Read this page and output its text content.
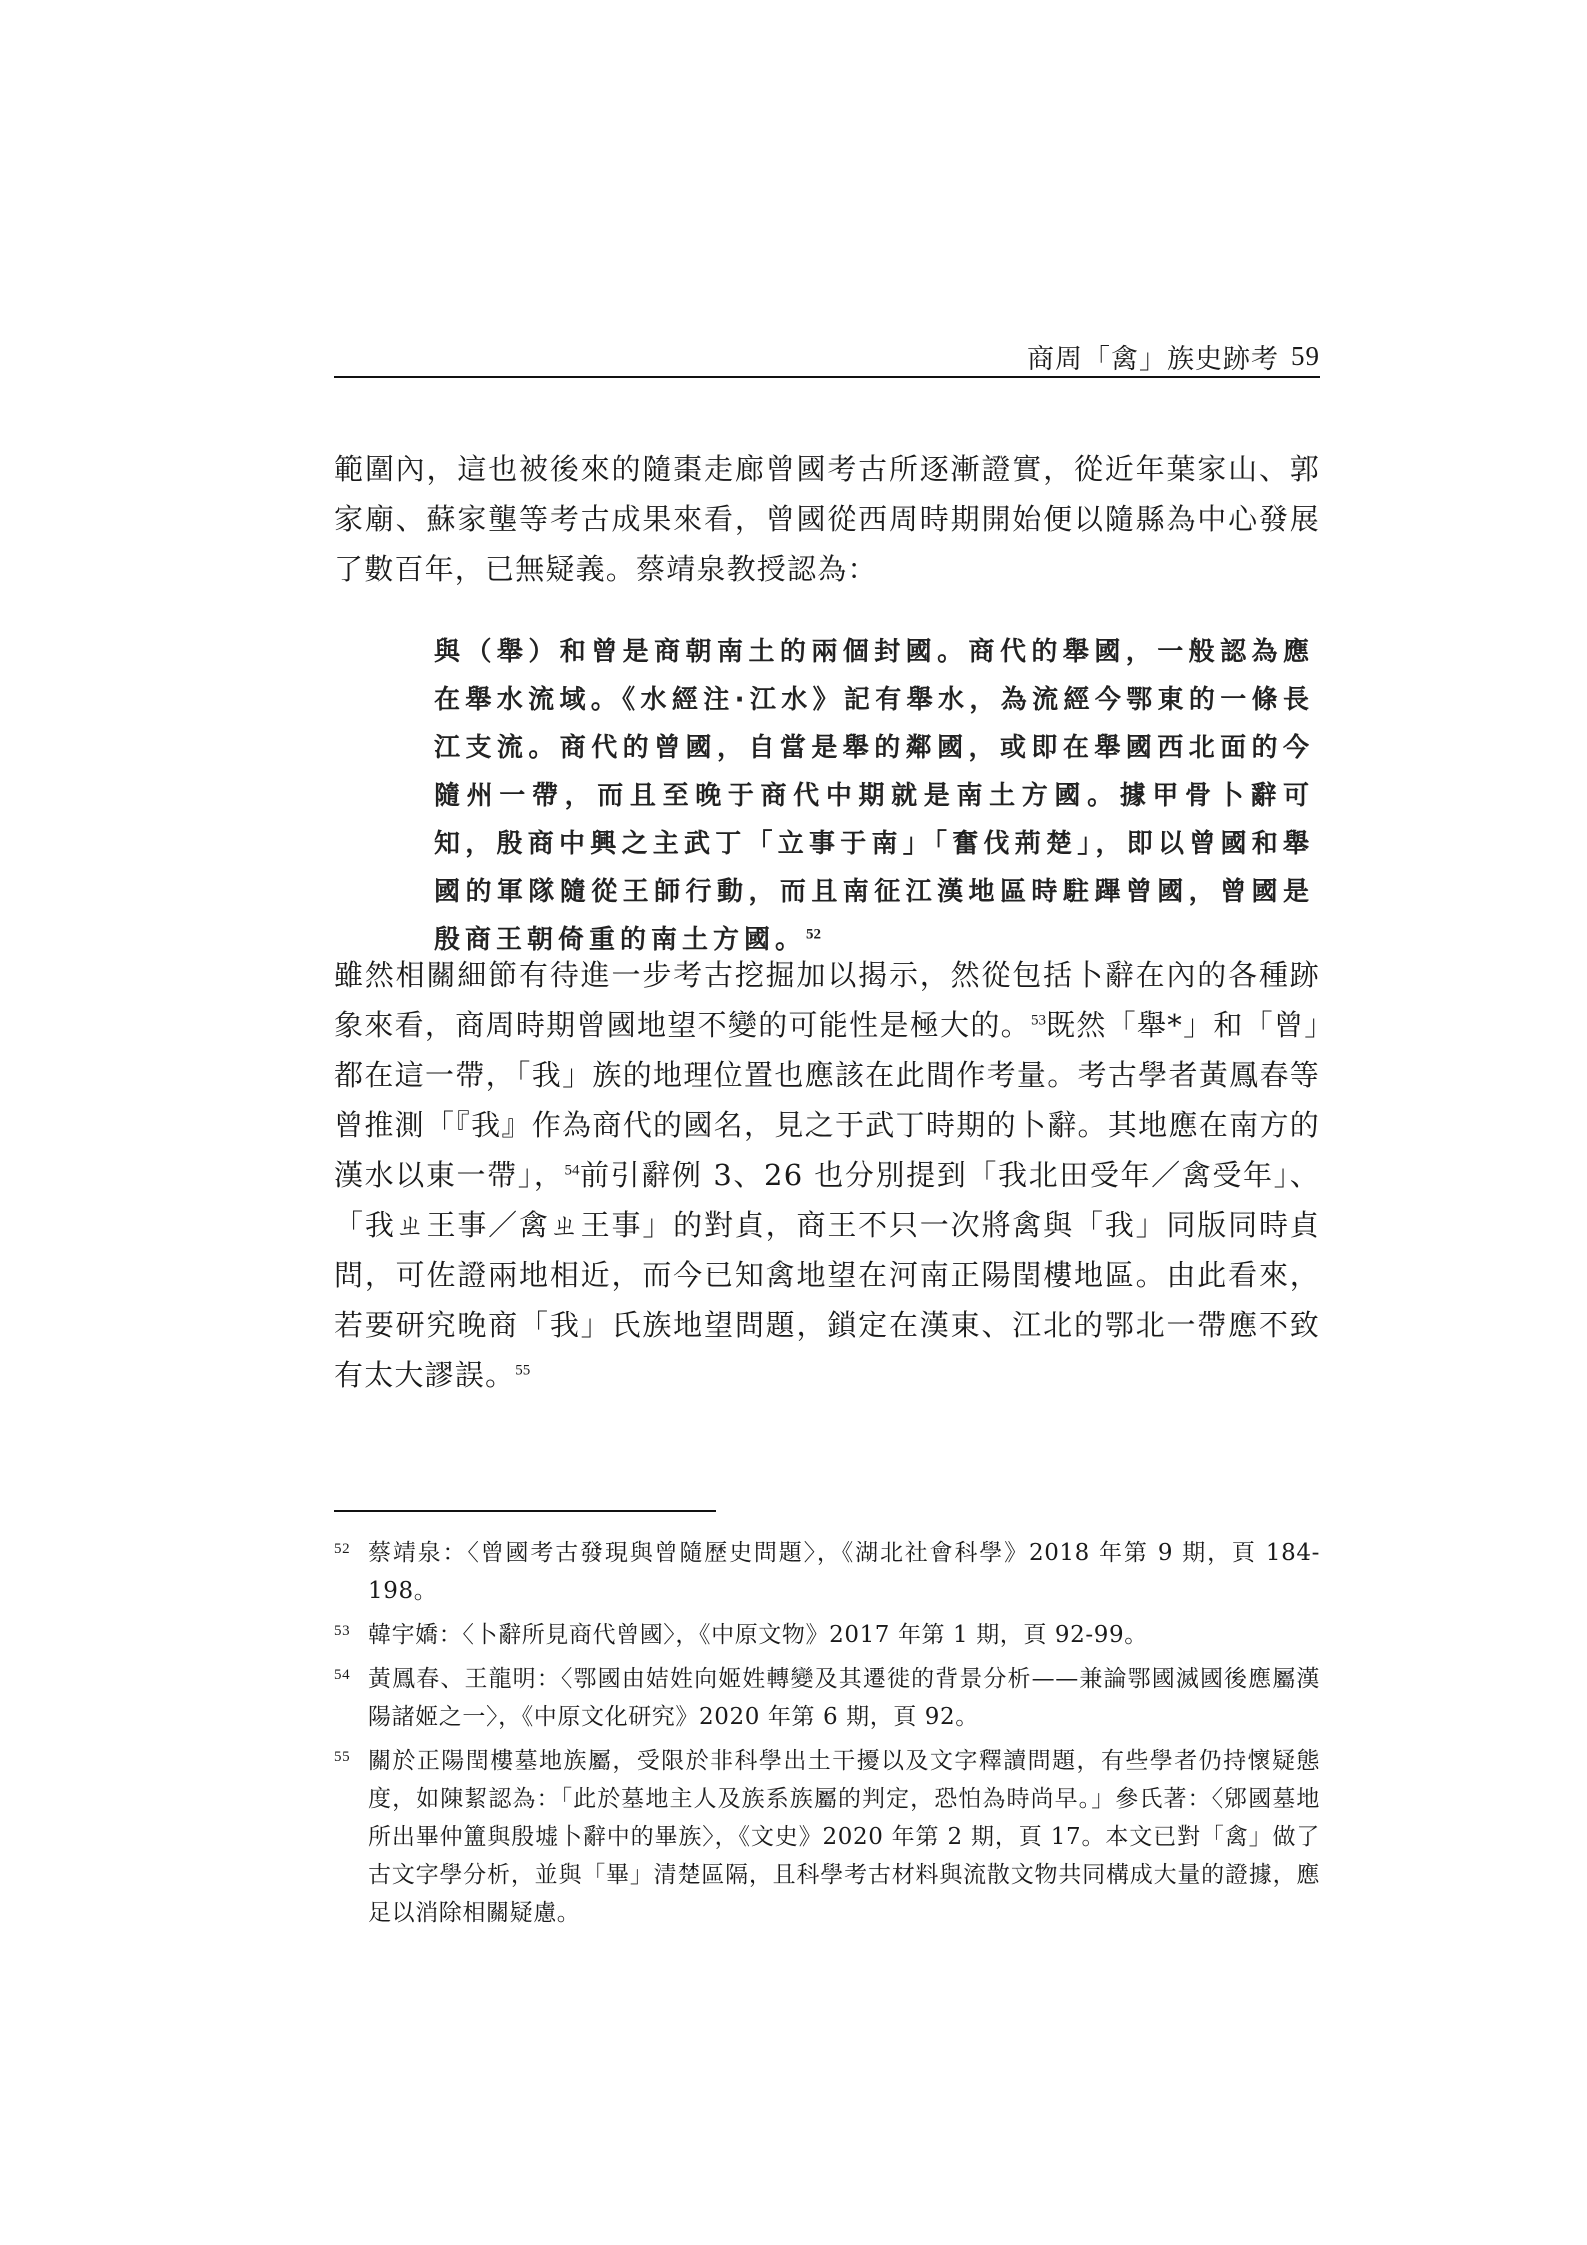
商周「禽」族史跡考 59

範圍內，這也被後來的隨棗走廊曾國考古所逐漸證實，從近年葉家山、郭家廟、蘇家壟等考古成果來看，曾國從西周時期開始便以隨縣為中心發展了數百年，已無疑義。蔡靖泉教授認為：

與（舉）和曾是商朝南土的兩個封國。商代的舉國，一般認為應在舉水流域。《水經注·江水》記有舉水，為流經今鄂東的一條長江支流。商代的曾國，自當是舉的鄰國，或即在舉國西北面的今隨州一帶，而且至晚于商代中期就是南土方國。據甲骨卜辭可知，殷商中興之主武丁「立事于南」「奮伐荊楚」，即以曾國和舉國的軍隊隨從王師行動，而且南征江漢地區時駐蹕曾國，曾國是殷商王朝倚重的南土方國。$^{52}$

雖然相關細節有待進一步考古挖掘加以揭示，然從包括卜辭在內的各種跡象來看，商周時期曾國地望不變的可能性是極大的。$^{53}$既然「舉*」和「曾」都在這一帶，「我」族的地理位置也應該在此間作考量。考古學者黃鳳春等曾推測「『我』作為商代的國名，見之于武丁時期的卜辭。其地應在南方的漢水以東一帶」，$^{54}$前引辭例 3、26 也分別提到「我北田受年／禽受年」、「我ㄓ王事／禽ㄓ王事」的對貞，商王不只一次將禽與「我」同版同時貞問，可佐證兩地相近，而今已知禽地望在河南正陽閏樓地區。由此看來，若要研究晚商「我」氏族地望問題，鎖定在漢東、江北的鄂北一帶應不致有太大謬誤。$^{55}$

52 蔡靖泉：〈曾國考古發現與曾隨歷史問題〉，《湖北社會科學》2018 年第 9 期，頁 184-198。
53 韓宇嬌：〈卜辭所見商代曾國〉，《中原文物》2017 年第 1 期，頁 92-99。
54 黃鳳春、王龍明：〈鄂國由姞姓向姬姓轉變及其遷徙的背景分析——兼論鄂國滅國後應屬漢陽諸姬之一〉，《中原文化研究》2020 年第 6 期，頁 92。
55 關於正陽閏樓墓地族屬，受限於非科學出土干擾以及文字釋讀問題，有些學者仍持懷疑態度，如陳絜認為：「此於墓地主人及族系族屬的判定，恐怕為時尚早。」參氏著：〈郳國墓地所出畢仲簠與殷墟卜辭中的畢族〉，《文史》2020 年第 2 期，頁 17。本文已對「禽」做了古文字學分析，並與「畢」清楚區隔，且科學考古材料與流散文物共同構成大量的證據，應足以消除相關疑慮。
